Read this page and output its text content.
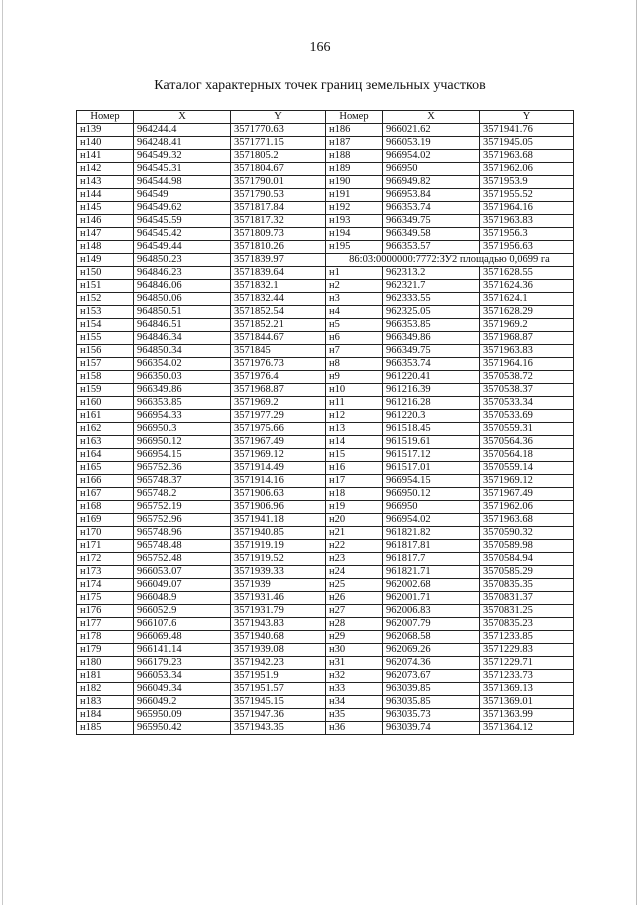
166
Каталог характерных точек границ земельных участков
Номер	X	Y	Номер	X	Y
н139	964244.4	3571770.63	н186	966021.62	3571941.76
н140	964248.41	3571771.15	н187	966053.19	3571945.05
н141	964549.32	3571805.2	н188	966954.02	3571963.68
н142	964545.31	3571804.67	н189	966950	3571962.06
н143	964544.98	3571790.01	н190	966949.82	3571953.9
н144	964549	3571790.53	н191	966953.84	3571955.52
н145	964549.62	3571817.84	н192	966353.74	3571964.16
н146	964545.59	3571817.32	н193	966349.75	3571963.83
н147	964545.42	3571809.73	н194	966349.58	3571956.3
н148	964549.44	3571810.26	н195	966353.57	3571956.63
н149	964850.23	3571839.97	86:03:0000000:7772:ЗУ2 площадью 0,0699 га		
н150	964846.23	3571839.64	н1	962313.2	3571628.55
н151	964846.06	3571832.1	н2	962321.7	3571624.36
н152	964850.06	3571832.44	н3	962333.55	3571624.1
н153	964850.51	3571852.54	н4	962325.05	3571628.29
н154	964846.51	3571852.21	н5	966353.85	3571969.2
н155	964846.34	3571844.67	н6	966349.86	3571968.87
н156	964850.34	3571845	н7	966349.75	3571963.83
н157	966354.02	3571976.73	н8	966353.74	3571964.16
н158	966350.03	3571976.4	н9	961220.41	3570538.72
н159	966349.86	3571968.87	н10	961216.39	3570538.37
н160	966353.85	3571969.2	н11	961216.28	3570533.34
н161	966954.33	3571977.29	н12	961220.3	3570533.69
н162	966950.3	3571975.66	н13	961518.45	3570559.31
н163	966950.12	3571967.49	н14	961519.61	3570564.36
н164	966954.15	3571969.12	н15	961517.12	3570564.18
н165	965752.36	3571914.49	н16	961517.01	3570559.14
н166	965748.37	3571914.16	н17	966954.15	3571969.12
н167	965748.2	3571906.63	н18	966950.12	3571967.49
н168	965752.19	3571906.96	н19	966950	3571962.06
н169	965752.96	3571941.18	н20	966954.02	3571963.68
н170	965748.96	3571940.85	н21	961821.82	3570590.32
н171	965748.48	3571919.19	н22	961817.81	3570589.98
н172	965752.48	3571919.52	н23	961817.7	3570584.94
н173	966053.07	3571939.33	н24	961821.71	3570585.29
н174	966049.07	3571939	н25	962002.68	3570835.35
н175	966048.9	3571931.46	н26	962001.71	3570831.37
н176	966052.9	3571931.79	н27	962006.83	3570831.25
н177	966107.6	3571943.83	н28	962007.79	3570835.23
н178	966069.48	3571940.68	н29	962068.58	3571233.85
н179	966141.14	3571939.08	н30	962069.26	3571229.83
н180	966179.23	3571942.23	н31	962074.36	3571229.71
н181	966053.34	3571951.9	н32	962073.67	3571233.73
н182	966049.34	3571951.57	н33	963039.85	3571369.13
н183	966049.2	3571945.15	н34	963035.85	3571369.01
н184	965950.09	3571947.36	н35	963035.73	3571363.99
н185	965950.42	3571943.35	н36	963039.74	3571364.12
